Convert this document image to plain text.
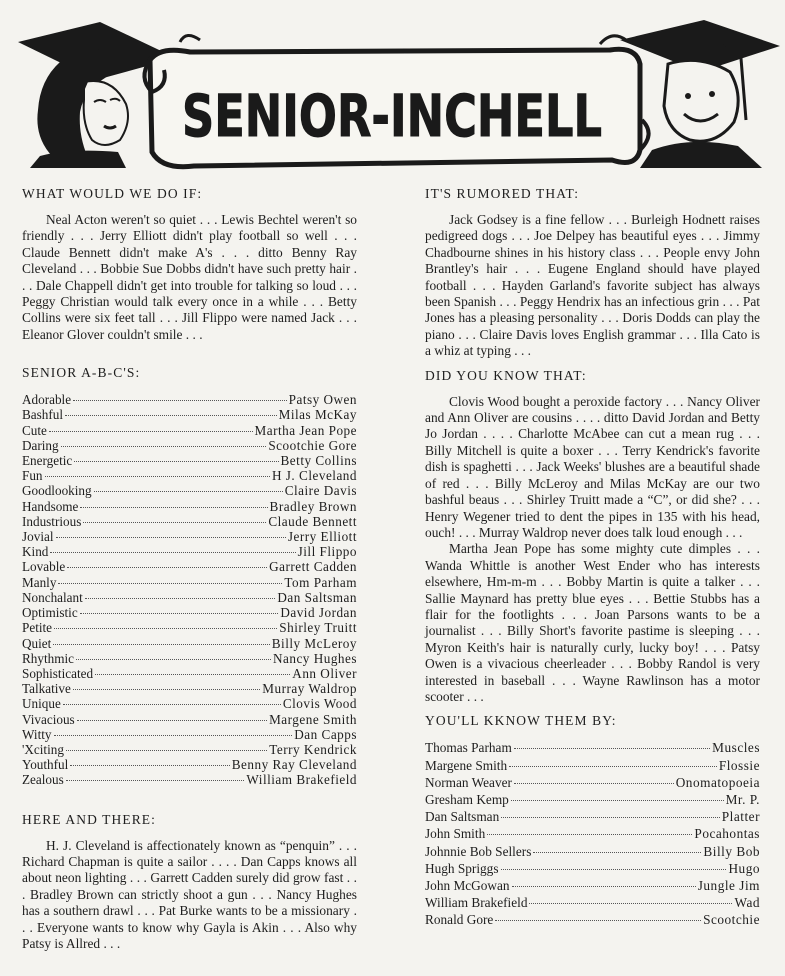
SENIOR-INCHELL
WHAT WOULD WE DO IF:

Neal Acton weren't so quiet . . . Lewis Bechtel weren't so friendly . . . Jerry Elliott didn't play football so well . . . Claude Bennett didn't make A's . . . ditto Benny Ray Cleveland . . . Bobbie Sue Dobbs didn't have such pretty hair . . . Dale Chappell didn't get into trouble for talking so loud . . . Peggy Christian would talk every once in a while . . . Betty Collins were six feet tall . . . Jill Flippo were named Jack . . . Eleanor Glover couldn't smile . . .

SENIOR A-B-C'S:
Adorable	Patsy Owen
Bashful	Milas McKay
Cute	Martha Jean Pope
Daring	Scootchie Gore
Energetic	Betty Collins
Fun	H J. Cleveland
Goodlooking	Claire Davis
Handsome	Bradley Brown
Industrious	Claude Bennett
Jovial	Jerry Elliott
Kind	Jill Flippo
Lovable	Garrett Cadden
Manly	Tom Parham
Nonchalant	Dan Saltsman
Optimistic	David Jordan
Petite	Shirley Truitt
Quiet	Billy McLeroy
Rhythmic	Nancy Hughes
Sophisticated	Ann Oliver
Talkative	Murray Waldrop
Unique	Clovis Wood
Vivacious	Margene Smith
Witty	Dan Capps
'Xciting	Terry Kendrick
Youthful	Benny Ray Cleveland
Zealous	William Brakefield
HERE AND THERE:

H. J. Cleveland is affectionately known as “penquin” . . . Richard Chapman is quite a sailor . . . . Dan Capps knows all about neon lighting . . . Garrett Cadden surely did grow fast . . . Bradley Brown can strictly shoot a gun . . . Nancy Hughes has a southern drawl . . . Pat Burke wants to be a missionary . . . Everyone wants to know why Gayla is Akin . . . Also why Patsy is Allred . . .

IT'S RUMORED THAT:

Jack Godsey is a fine fellow . . . Burleigh Hodnett raises pedigreed dogs . . . Joe Delpey has beautiful eyes . . . Jimmy Chadbourne shines in his history class . . . People envy John Brantley's hair . . . Eugene England should have played football . . . Hayden Garland's favorite subject has always been Spanish . . . Peggy Hendrix has an infectious grin . . . Pat Jones has a pleasing personality . . . Doris Dodds can play the piano . . . Claire Davis loves English grammar . . . Illa Cato is a whiz at typing . . .

DID YOU KNOW THAT:

Clovis Wood bought a peroxide factory . . . Nancy Oliver and Ann Oliver are cousins . . . . ditto David Jordan and Betty Jo Jordan . . . . Charlotte McAbee can cut a mean rug . . . Billy Mitchell is quite a boxer . . . Terry Kendrick's favorite dish is spaghetti . . . Jack Weeks' blushes are a beautiful shade of red . . . Billy McLeroy and Milas McKay are our two bashful beaus . . . Shirley Truitt made a “C”, or did she? . . . Henry Wegener tried to dent the pipes in 135 with his head, ouch! . . . Murray Waldrop never does talk loud enough . . .

Martha Jean Pope has some mighty cute dimples . . . Wanda Whittle is another West Ender who has interests elsewhere, Hm-m-m . . . Bobby Martin is quite a talker . . . Sallie Maynard has pretty blue eyes . . . Bettie Stubbs has a flair for the footlights . . . Joan Parsons wants to be a journalist . . . Billy Short's favorite pastime is sleeping . . . Myron Keith's hair is naturally curly, lucky boy! . . . Patsy Owen is a vivacious cheerleader . . . Bobby Randol is very interested in baseball . . . Wayne Rawlinson has a motor scooter . . .

YOU'LL KKNOW THEM BY:
Thomas Parham	Muscles
Margene Smith	Flossie
Norman Weaver	Onomatopoeia
Gresham Kemp	Mr. P.
Dan Saltsman	Platter
John Smith	Pocahontas
Johnnie Bob Sellers	Billy Bob
Hugh Spriggs	Hugo
John McGowan	Jungle Jim
William Brakefield	Wad
Ronald Gore	Scootchie
